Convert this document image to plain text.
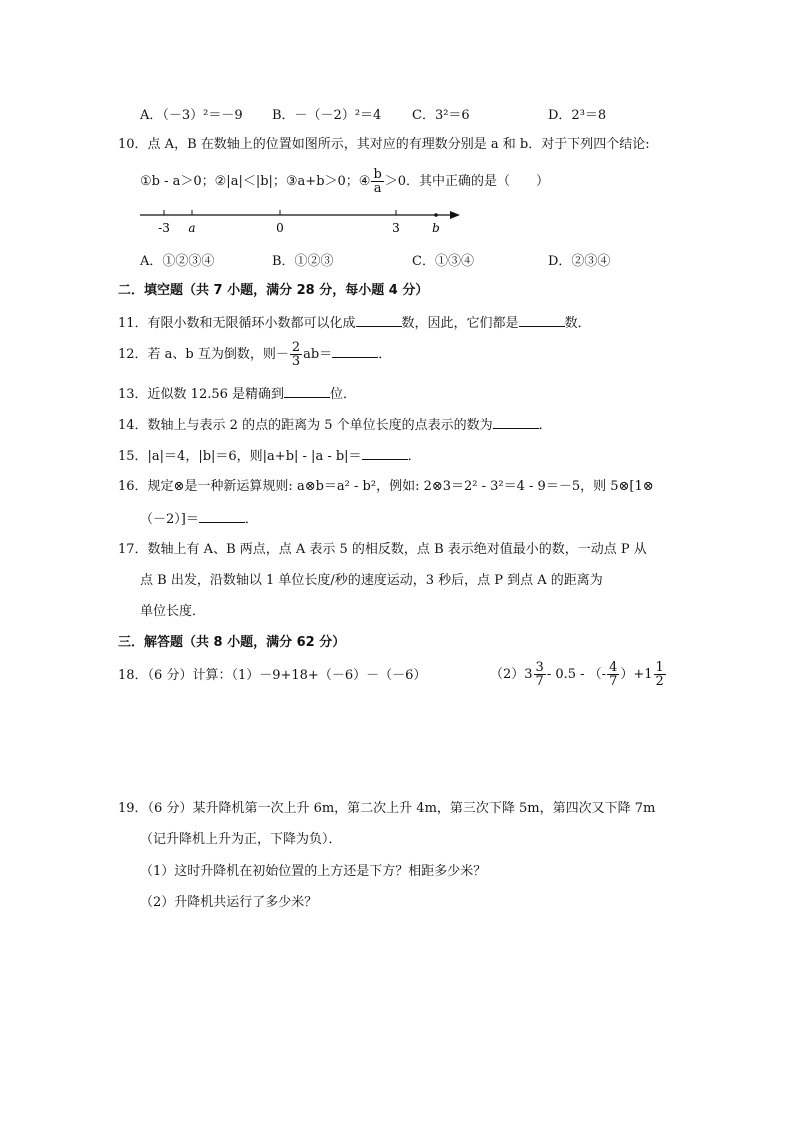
A．（－3）²＝－9 B．－（－2）²＝4 C．3²＝6	D．2³＝8
10．点 A，B 在数轴上的位置如图所示，其对应的有理数分别是 a 和 b．对于下列四个结论:
①b - a＞0；②|a|＜|b|；③a+b＞0；④ $\frac{b}{a} >0$．其中正确的是（　　）
-3 a	0	3	b
A．①②③④	B．①②③	C．①③④	D．②③④
二．填空题（共 7 小题，满分 28 分，每小题 4 分）
11．有限小数和无限循环小数都可以化成	数，因此，它们都是	数．
12．若 a、b 互为倒数，则－ $\frac{2}{3} ab=$	．
13．近似数 12.56 是精确到	位．
14．数轴上与表示 2 的点的距离为 5 个单位长度的点表示的数为	．
15．|a|＝4，|b|＝6，则|a+b| - |a - b|＝	．
16．规定⊗是一种新运算规则: a⊗b＝a² - b²，例如: 2⊗3＝2² - 3²＝4 - 9＝－5，则 5⊗[1⊗
（－2）]＝	．
17．数轴上有 A、B 两点，点 A 表示 5 的相反数，点 B 表示绝对值最小的数，一动点 P 从
点 B 出发，沿数轴以 1 单位长度/秒的速度运动，3 秒后，点 P 到点 A 的距离为
单位长度．
三．解答题（共 8 小题，满分 62 分）
18．（6 分）计算：（1）－9+18+（－6）－（－6）	$(2)3 \frac{3}{7} - 0.5$ - （- $\frac{4}{7} )+1 \frac{1}{2}$
19．（6 分）某升降机第一次上升 6m，第二次上升 4m，第三次下降 5m，第四次又下降 7m
（记升降机上升为正，下降为负）．
（1）这时升降机在初始位置的上方还是下方？相距多少米？
（2）升降机共运行了多少米？
